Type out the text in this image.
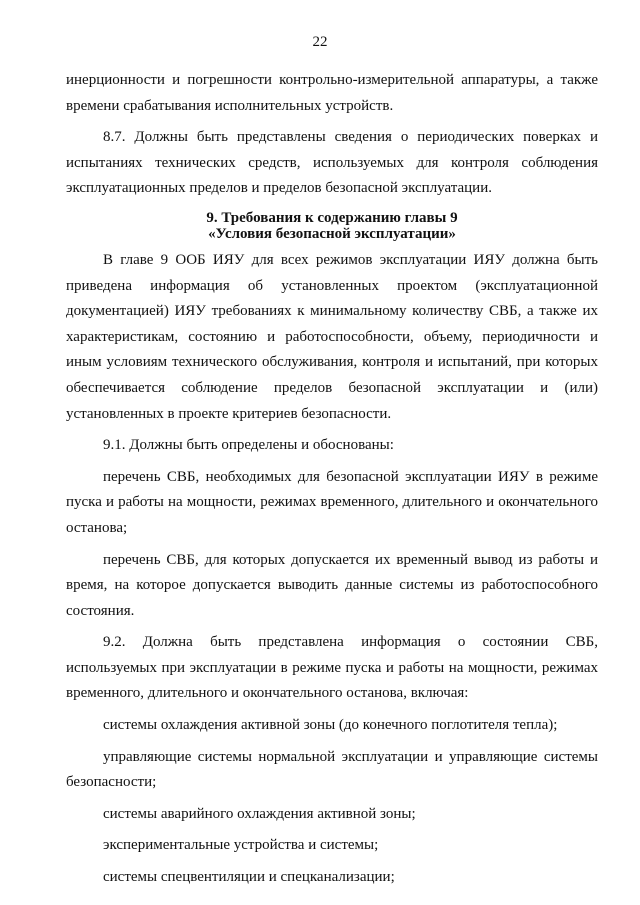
22

инерционности и погрешности контрольно-измерительной аппаратуры, а также времени срабатывания исполнительных устройств.

8.7. Должны быть представлены сведения о периодических поверках и испытаниях технических средств, используемых для контроля соблюдения эксплуатационных пределов и пределов безопасной эксплуатации.

9. Требования к содержанию главы 9
«Условия безопасной эксплуатации»

В главе 9 ООБ ИЯУ для всех режимов эксплуатации ИЯУ должна быть приведена информация об установленных проектом (эксплуатационной документацией) ИЯУ требованиях к минимальному количеству СВБ, а также их характеристикам, состоянию и работоспособности, объему, периодичности и иным условиям технического обслуживания, контроля и испытаний, при которых обеспечивается соблюдение пределов безопасной эксплуатации и (или) установленных в проекте критериев безопасности.

9.1. Должны быть определены и обоснованы:

перечень СВБ, необходимых для безопасной эксплуатации ИЯУ в режиме пуска и работы на мощности, режимах временного, длительного и окончательного останова;

перечень СВБ, для которых допускается их временный вывод из работы и время, на которое допускается выводить данные системы из работоспособного состояния.

9.2. Должна быть представлена информация о состоянии СВБ, используемых при эксплуатации в режиме пуска и работы на мощности, режимах временного, длительного и окончательного останова, включая:

системы охлаждения активной зоны (до конечного поглотителя тепла);

управляющие системы нормальной эксплуатации и управляющие системы безопасности;

системы аварийного охлаждения активной зоны;

экспериментальные устройства и системы;

системы спецвентиляции и спецканализации;
